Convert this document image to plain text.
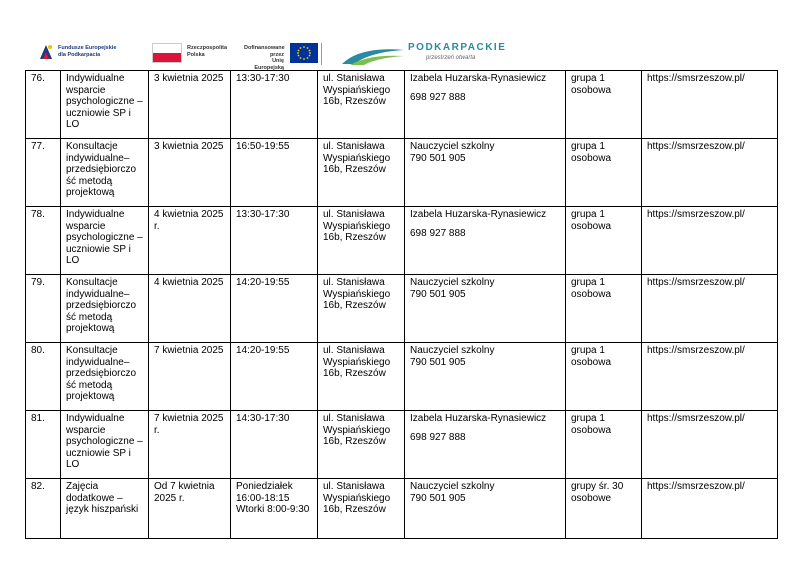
Fundusze Europejskie
dla Podkarpacia
Rzeczpospolita
Polska
Dofinansowane przez
Unię Europejską
PODKARPACKIE
przestrzeń otwarta
76.	Indywidualne wsparcie psychologiczne – uczniowie SP i LO	3 kwietnia 2025	13:30-17:30	ul. Stanisława Wyspiańskiego 16b, Rzeszów	Izabela Huzarska-Rynasiewicz
698 927 888	grupa 1 osobowa	https://smsrzeszow.pl/
77.	Konsultacje indywidualne– przedsiębiorczo ść metodą projektową	3 kwietnia 2025	16:50-19:55	ul. Stanisława Wyspiańskiego 16b, Rzeszów	Nauczyciel szkolny
790 501 905	grupa 1 osobowa	https://smsrzeszow.pl/
78.	Indywidualne wsparcie psychologiczne – uczniowie SP i LO	4 kwietnia 2025 r.	13:30-17:30	ul. Stanisława Wyspiańskiego 16b, Rzeszów	Izabela Huzarska-Rynasiewicz
698 927 888	grupa 1 osobowa	https://smsrzeszow.pl/
79.	Konsultacje indywidualne– przedsiębiorczo ść metodą projektową	4 kwietnia 2025	14:20-19:55	ul. Stanisława Wyspiańskiego 16b, Rzeszów	Nauczyciel szkolny
790 501 905	grupa 1 osobowa	https://smsrzeszow.pl/
80.	Konsultacje indywidualne– przedsiębiorczo ść metodą projektową	7 kwietnia 2025	14:20-19:55	ul. Stanisława Wyspiańskiego 16b, Rzeszów	Nauczyciel szkolny
790 501 905	grupa 1 osobowa	https://smsrzeszow.pl/
81.	Indywidualne wsparcie psychologiczne – uczniowie SP i LO	7 kwietnia 2025 r.	14:30-17:30	ul. Stanisława Wyspiańskiego 16b, Rzeszów	Izabela Huzarska-Rynasiewicz
698 927 888	grupa 1 osobowa	https://smsrzeszow.pl/
82.	Zajęcia dodatkowe – język hiszpański	Od 7 kwietnia 2025 r.	Poniedziałek 16:00-18:15 Wtorki 8:00-9:30	ul. Stanisława Wyspiańskiego 16b, Rzeszów	Nauczyciel szkolny
790 501 905	grupy śr. 30 osobowe	https://smsrzeszow.pl/
